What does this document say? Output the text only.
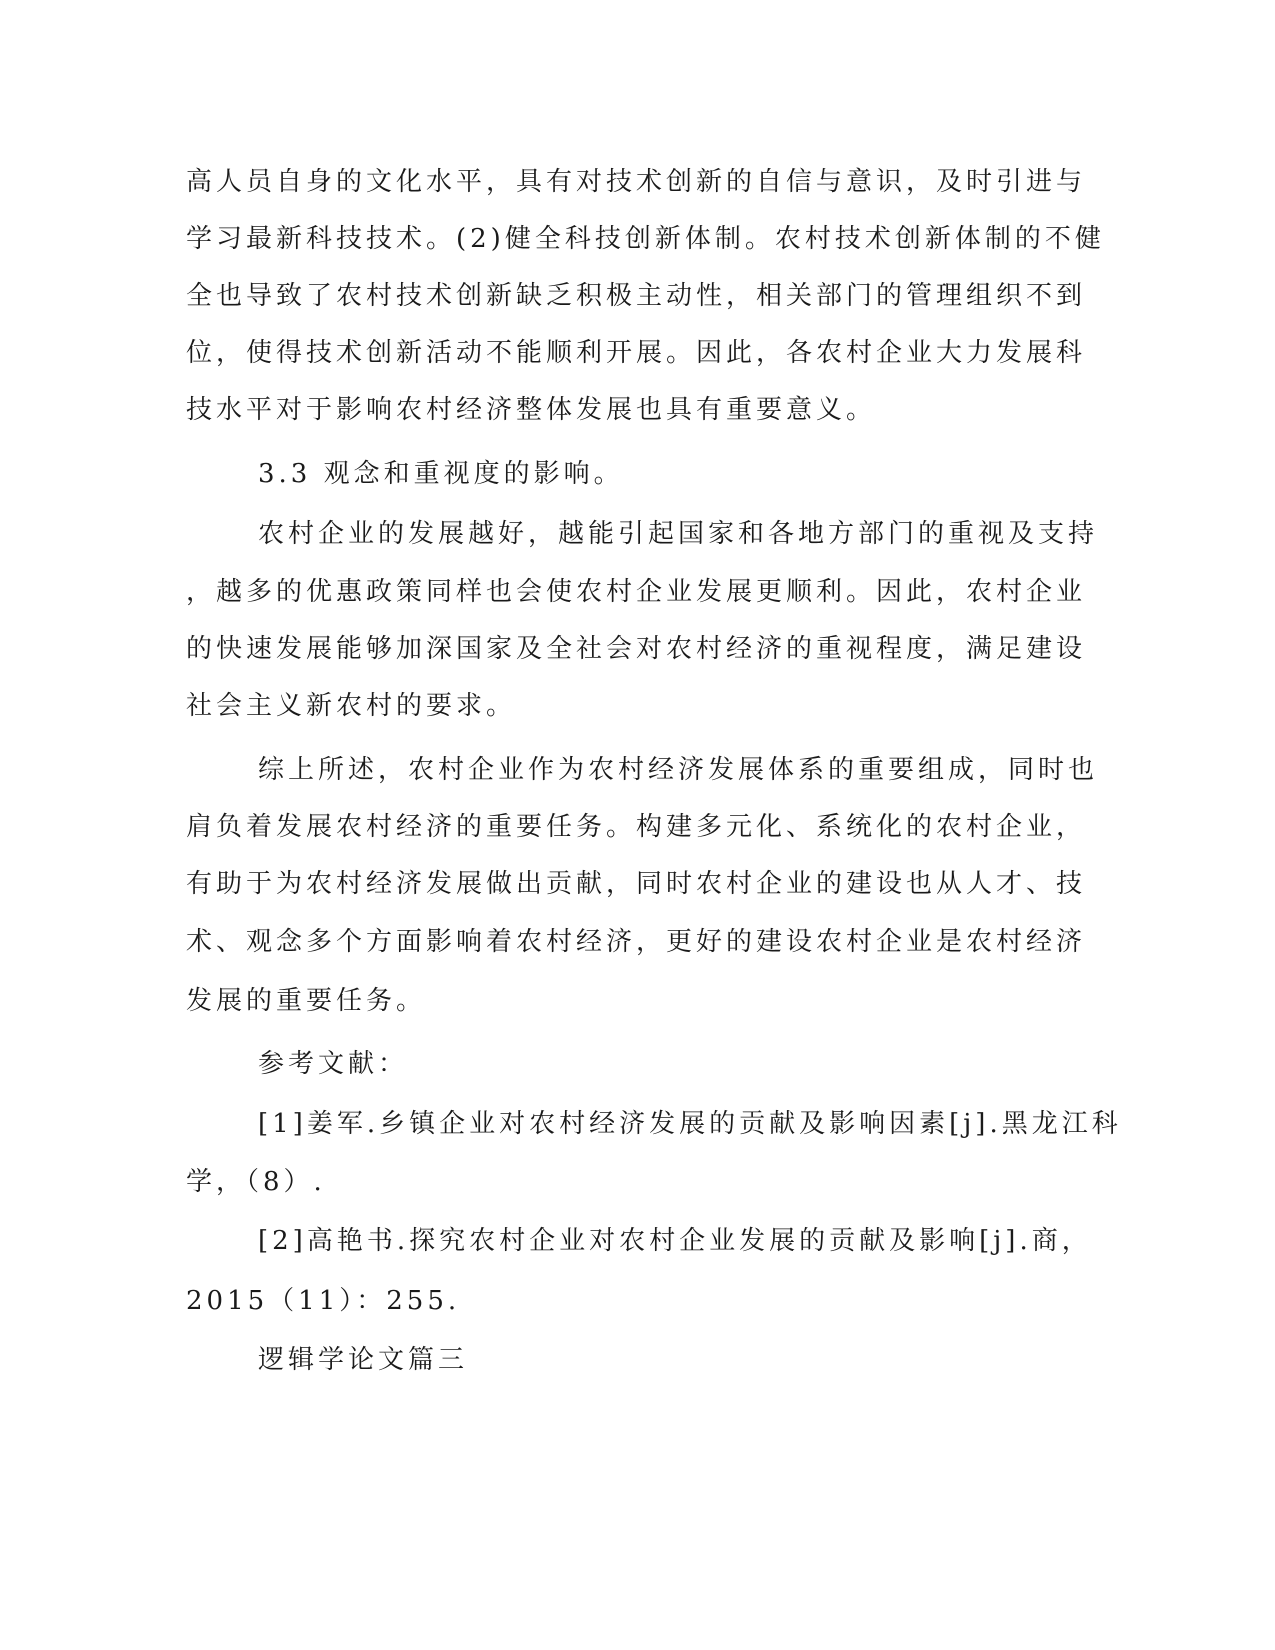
高人员自身的文化水平，具有对技术创新的自信与意识，及时引进与
学习最新科技技术。(2)健全科技创新体制。农村技术创新体制的不健
全也导致了农村技术创新缺乏积极主动性，相关部门的管理组织不到
位，使得技术创新活动不能顺利开展。因此，各农村企业大力发展科
技水平对于影响农村经济整体发展也具有重要意义。
3.3 观念和重视度的影响。
农村企业的发展越好，越能引起国家和各地方部门的重视及支持
，越多的优惠政策同样也会使农村企业发展更顺利。因此，农村企业
的快速发展能够加深国家及全社会对农村经济的重视程度，满足建设
社会主义新农村的要求。
综上所述，农村企业作为农村经济发展体系的重要组成，同时也
肩负着发展农村经济的重要任务。构建多元化、系统化的农村企业，
有助于为农村经济发展做出贡献，同时农村企业的建设也从人才、技
术、观念多个方面影响着农村经济，更好的建设农村企业是农村经济
发展的重要任务。
参考文献：
[1]姜军.乡镇企业对农村经济发展的贡献及影响因素[j].黑龙江科
学，（8）.
[2]高艳书.探究农村企业对农村企业发展的贡献及影响[j].商，
2015（11）：255.
逻辑学论文篇三
